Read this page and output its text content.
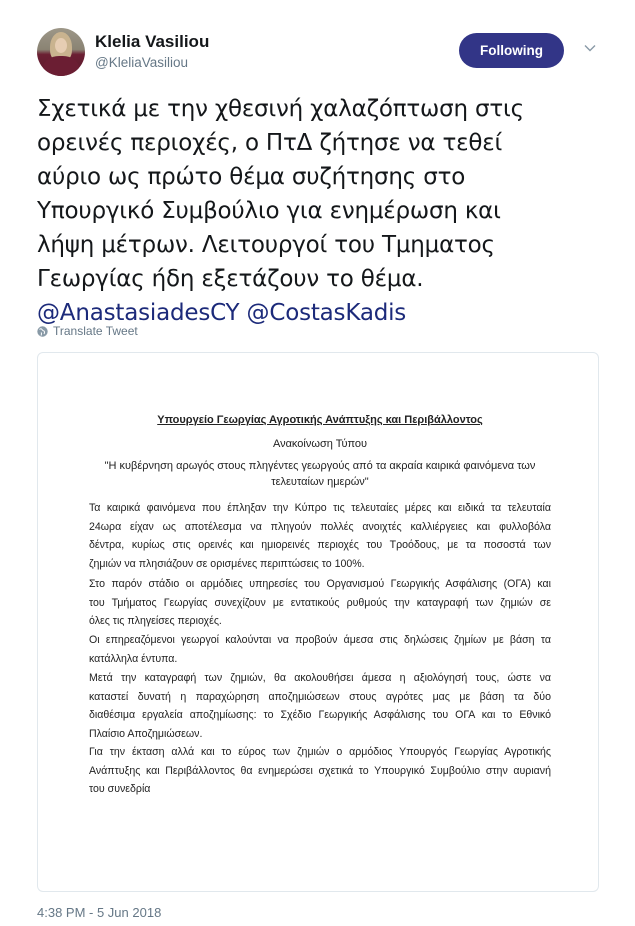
Klelia Vasiliou
@KleliaVasiliou
Following
Σχετικά με την χθεσινή χαλαζόπτωση στις
ορεινές περιοχές, ο ΠτΔ ζήτησε να τεθεί
αύριο ως πρώτο θέμα συζήτησης στο
Υπουργικό Συμβούλιο για ενημέρωση και
λήψη μέτρων. Λειτουργοί του Τμηματος
Γεωργίας ήδη εξετάζουν το θέμα.
@AnastasiadesCY @CostasKadis
Translate Tweet
Υπουργείο Γεωργίας Αγροτικής Ανάπτυξης και Περιβάλλοντος
Ανακοίνωση Τύπου
"Η κυβέρνηση αρωγός στους πληγέντες γεωργούς από τα ακραία καιρικά φαινόμενα των
τελευταίων ημερών"
Τα καιρικά φαινόμενα που έπληξαν την Κύπρο τις τελευταίες μέρες και ειδικά τα τελευταία
24ωρα είχαν ως αποτέλεσμα να πληγούν πολλές ανοιχτές καλλιέργειες και φυλλοβόλα
δέντρα, κυρίως στις ορεινές και ημιορεινές περιοχές του Τροόδους, με τα ποσοστά των
ζημιών να πλησιάζουν σε ορισμένες περιπτώσεις το 100%.
Στο παρόν στάδιο οι αρμόδιες υπηρεσίες του Οργανισμού Γεωργικής Ασφάλισης (ΟΓΑ) και
του Τμήματος Γεωργίας συνεχίζουν με εντατικούς ρυθμούς την καταγραφή των ζημιών σε
όλες τις πληγείσες περιοχές.
Οι επηρεαζόμενοι γεωργοί καλούνται να προβούν άμεσα στις δηλώσεις ζημίων με βάση τα
κατάλληλα έντυπα.
Μετά την καταγραφή των ζημιών, θα ακολουθήσει άμεσα η αξιολόγησή τους, ώστε να
καταστεί δυνατή η παραχώρηση αποζημιώσεων στους αγρότες μας με βάση τα δύο
διαθέσιμα εργαλεία αποζημίωσης: το Σχέδιο Γεωργικής Ασφάλισης του ΟΓΑ και το Εθνικό
Πλαίσιο Αποζημιώσεων.
Για την έκταση αλλά και το εύρος των ζημιών ο αρμόδιος Υπουργός Γεωργίας Αγροτικής
Ανάπτυξης και Περιβάλλοντος θα ενημερώσει σχετικά το Υπουργικό Συμβούλιο στην αυριανή
του συνεδρία
4:38 PM - 5 Jun 2018
